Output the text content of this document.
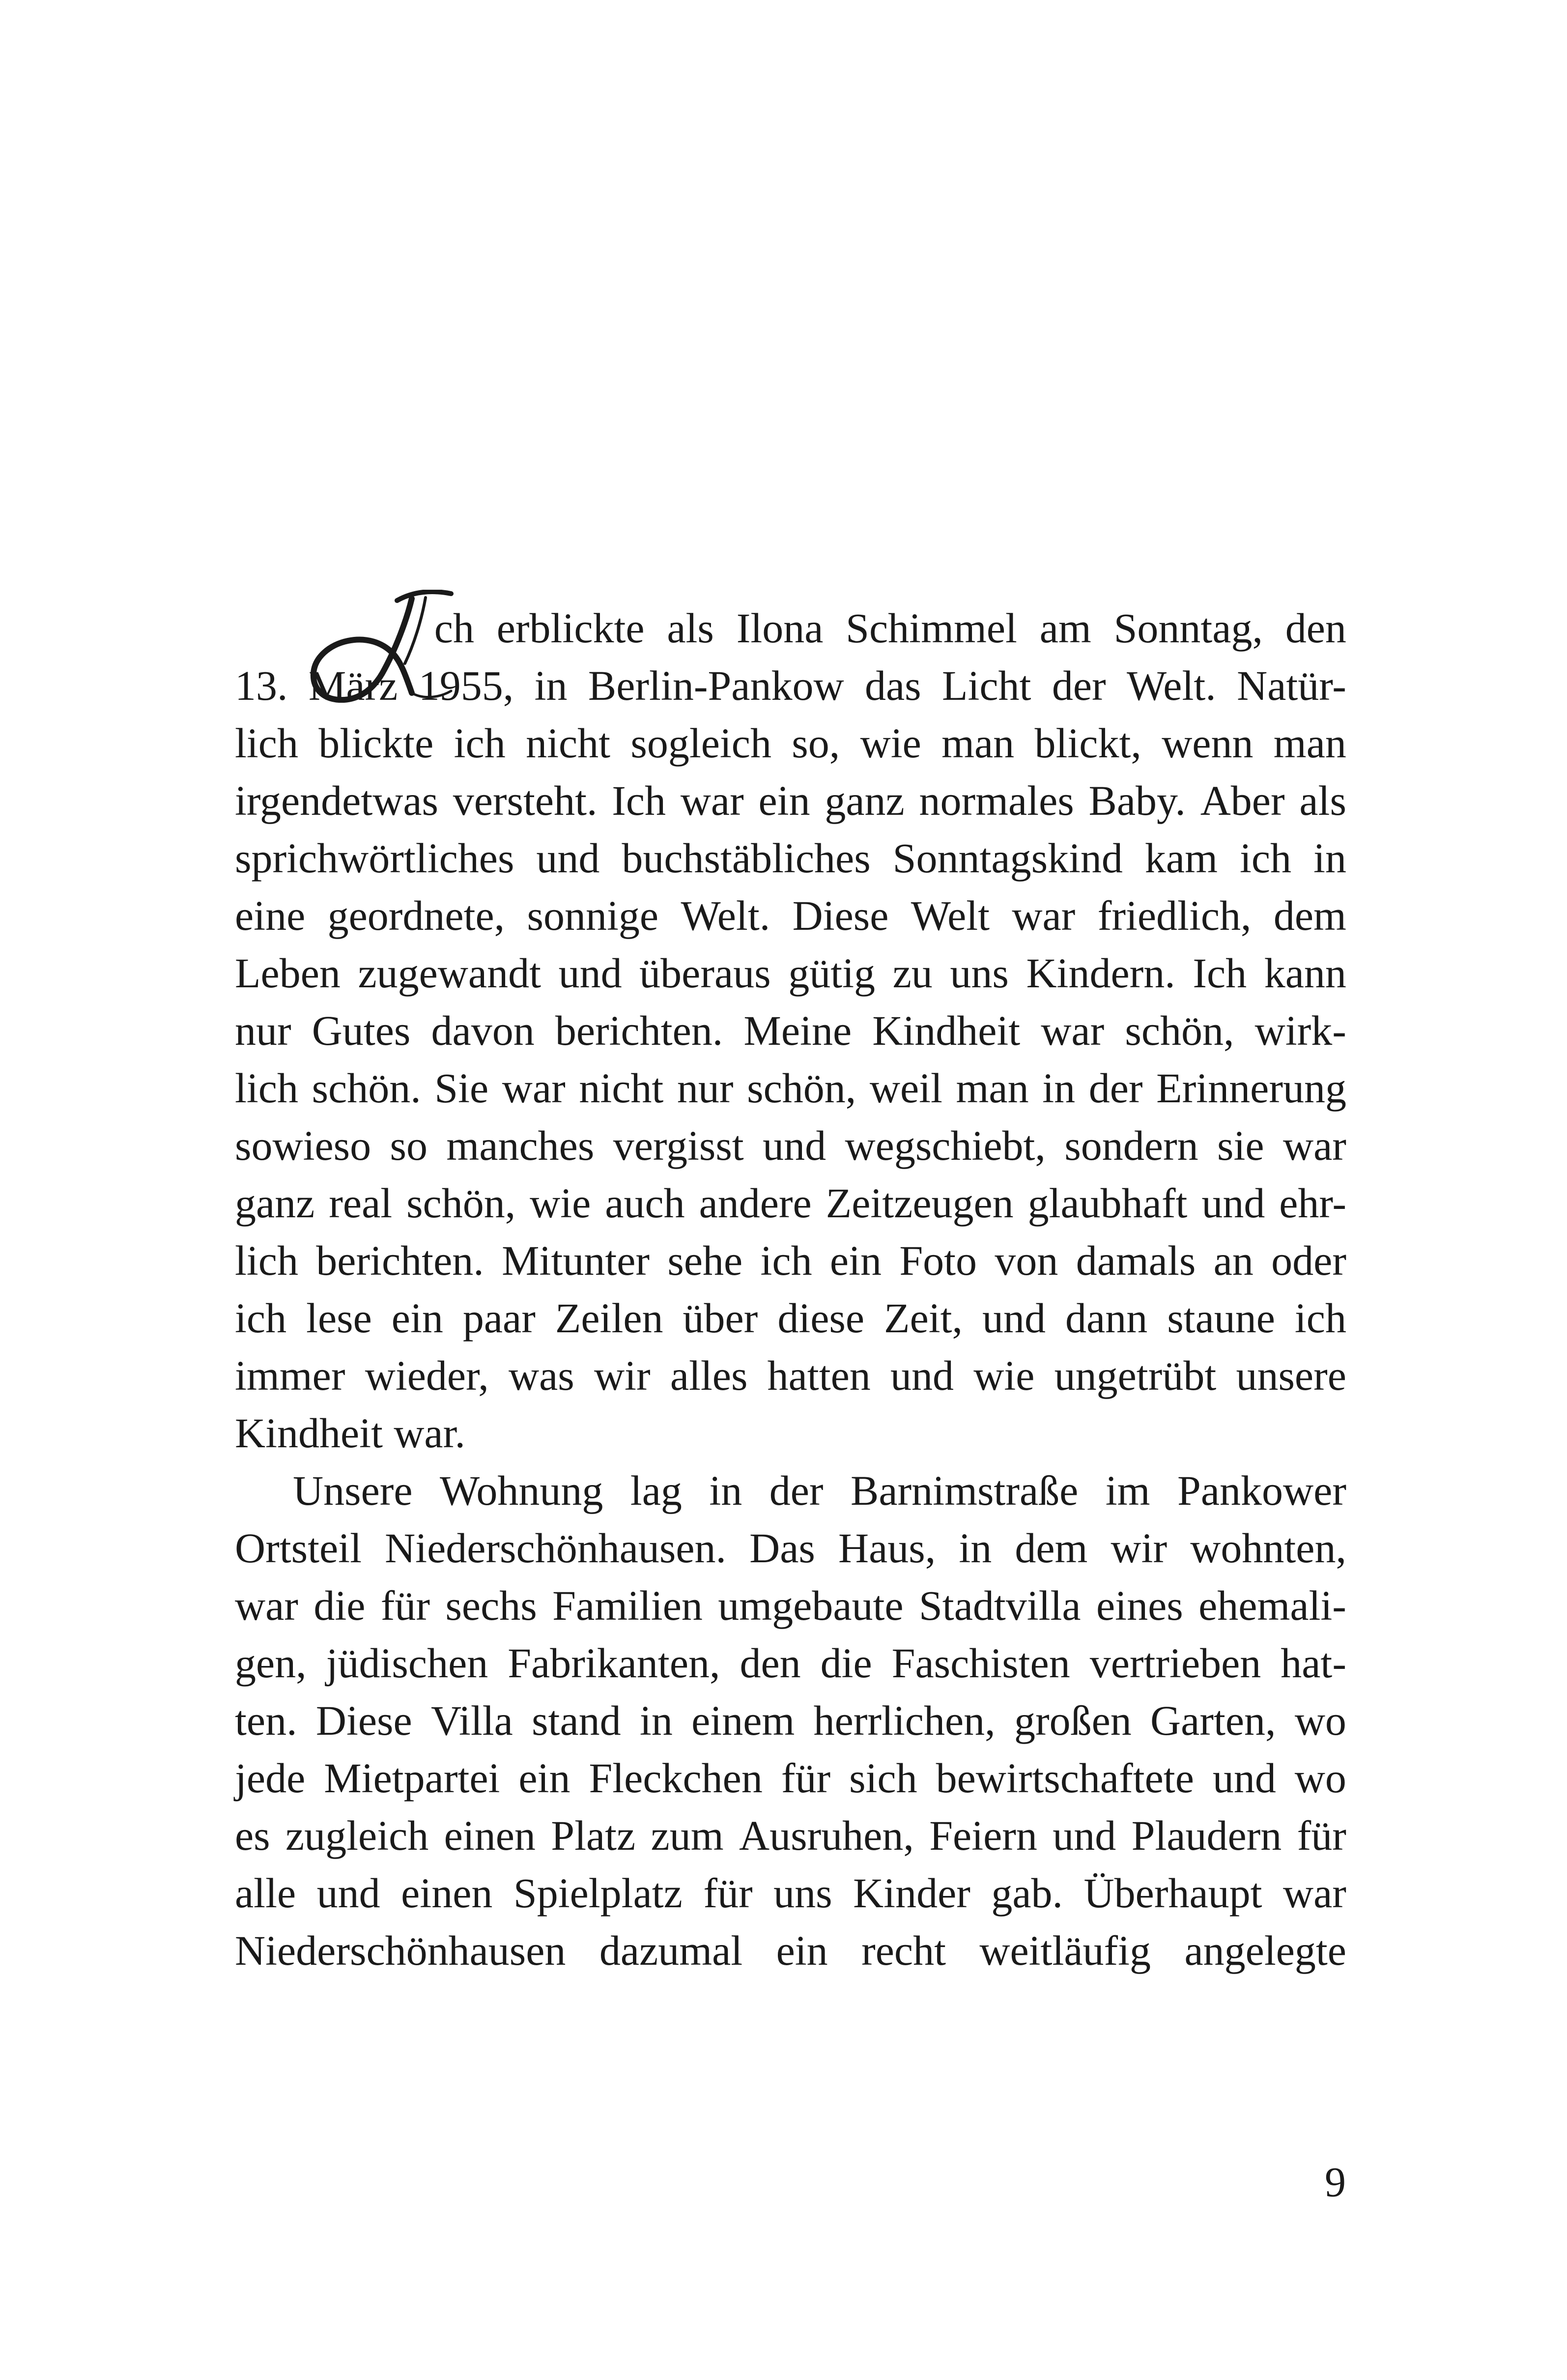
I
ch erblickte als Ilona Schimmel am Sonntag, den
13. März 1955, in Berlin-Pankow das Licht der Welt. Natür-
lich blickte ich nicht sogleich so, wie man blickt, wenn man
irgendetwas versteht. Ich war ein ganz normales Baby. Aber als
sprichwörtliches und buchstäbliches Sonntagskind kam ich in
eine geordnete, sonnige Welt. Diese Welt war friedlich, dem
Leben zugewandt und überaus gütig zu uns Kindern. Ich kann
nur Gutes davon berichten. Meine Kindheit war schön, wirk-
lich schön. Sie war nicht nur schön, weil man in der Erinnerung
sowieso so manches vergisst und wegschiebt, sondern sie war
ganz real schön, wie auch andere Zeitzeugen glaubhaft und ehr-
lich berichten. Mitunter sehe ich ein Foto von damals an oder
ich lese ein paar Zeilen über diese Zeit, und dann staune ich
immer wieder, was wir alles hatten und wie ungetrübt unsere
Kindheit war.
Unsere Wohnung lag in der Barnimstraße im Pankower
Ortsteil Niederschönhausen. Das Haus, in dem wir wohnten,
war die für sechs Familien umgebaute Stadtvilla eines ehemali-
gen, jüdischen Fabrikanten, den die Faschisten vertrieben hat-
ten. Diese Villa stand in einem herrlichen, großen Garten, wo
jede Mietpartei ein Fleckchen für sich bewirtschaftete und wo
es zugleich einen Platz zum Ausruhen, Feiern und Plaudern für
alle und einen Spielplatz für uns Kinder gab. Überhaupt war
Niederschönhausen dazumal ein recht weitläufig angelegte
9
